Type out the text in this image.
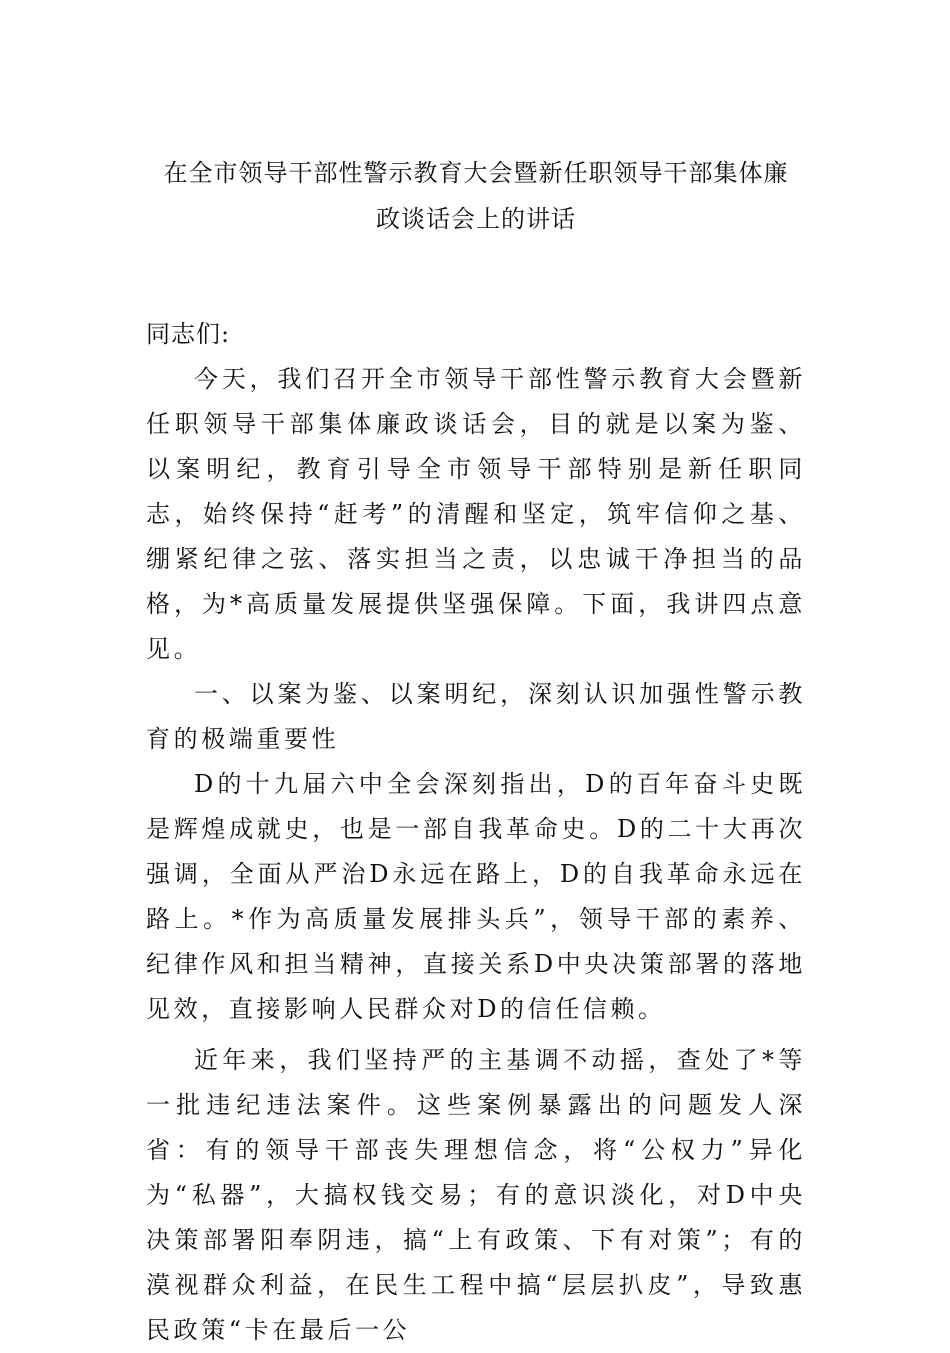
在全市领导干部性警示教育大会暨新任职领导干部集体廉
政谈话会上的讲话
同志们:

今天，我们召开全市领导干部性警示教育大会暨新任职领导干部集体廉政谈话会，目的就是以案为鉴、以案明纪，教育引导全市领导干部特别是新任职同志，始终保持“赶考”的清醒和坚定，筑牢信仰之基、绷紧纪律之弦、落实担当之责，以忠诚干净担当的品格，为*高质量发展提供坚强保障。下面，我讲四点意见。

一、以案为鉴、以案明纪，深刻认识加强性警示教育的极端重要性

D的十九届六中全会深刻指出，D的百年奋斗史既是辉煌成就史，也是一部自我革命史。D的二十大再次强调，全面从严治D永远在路上，D的自我革命永远在路上。*作为高质量发展排头兵”，领导干部的素养、纪律作风和担当精神，直接关系D中央决策部署的落地见效，直接影响人民群众对D的信任信赖。

近年来，我们坚持严的主基调不动摇，查处了*等一批违纪违法案件。这些案例暴露出的问题发人深省：有的领导干部丧失理想信念，将“公权力”异化为“私器”，大搞权钱交易；有的意识淡化，对D中央决策部署阳奉阴违，搞“上有政策、下有对策”；有的漠视群众利益，在民生工程中搞“层层扒皮”，导致惠民政策“卡在最后一公
